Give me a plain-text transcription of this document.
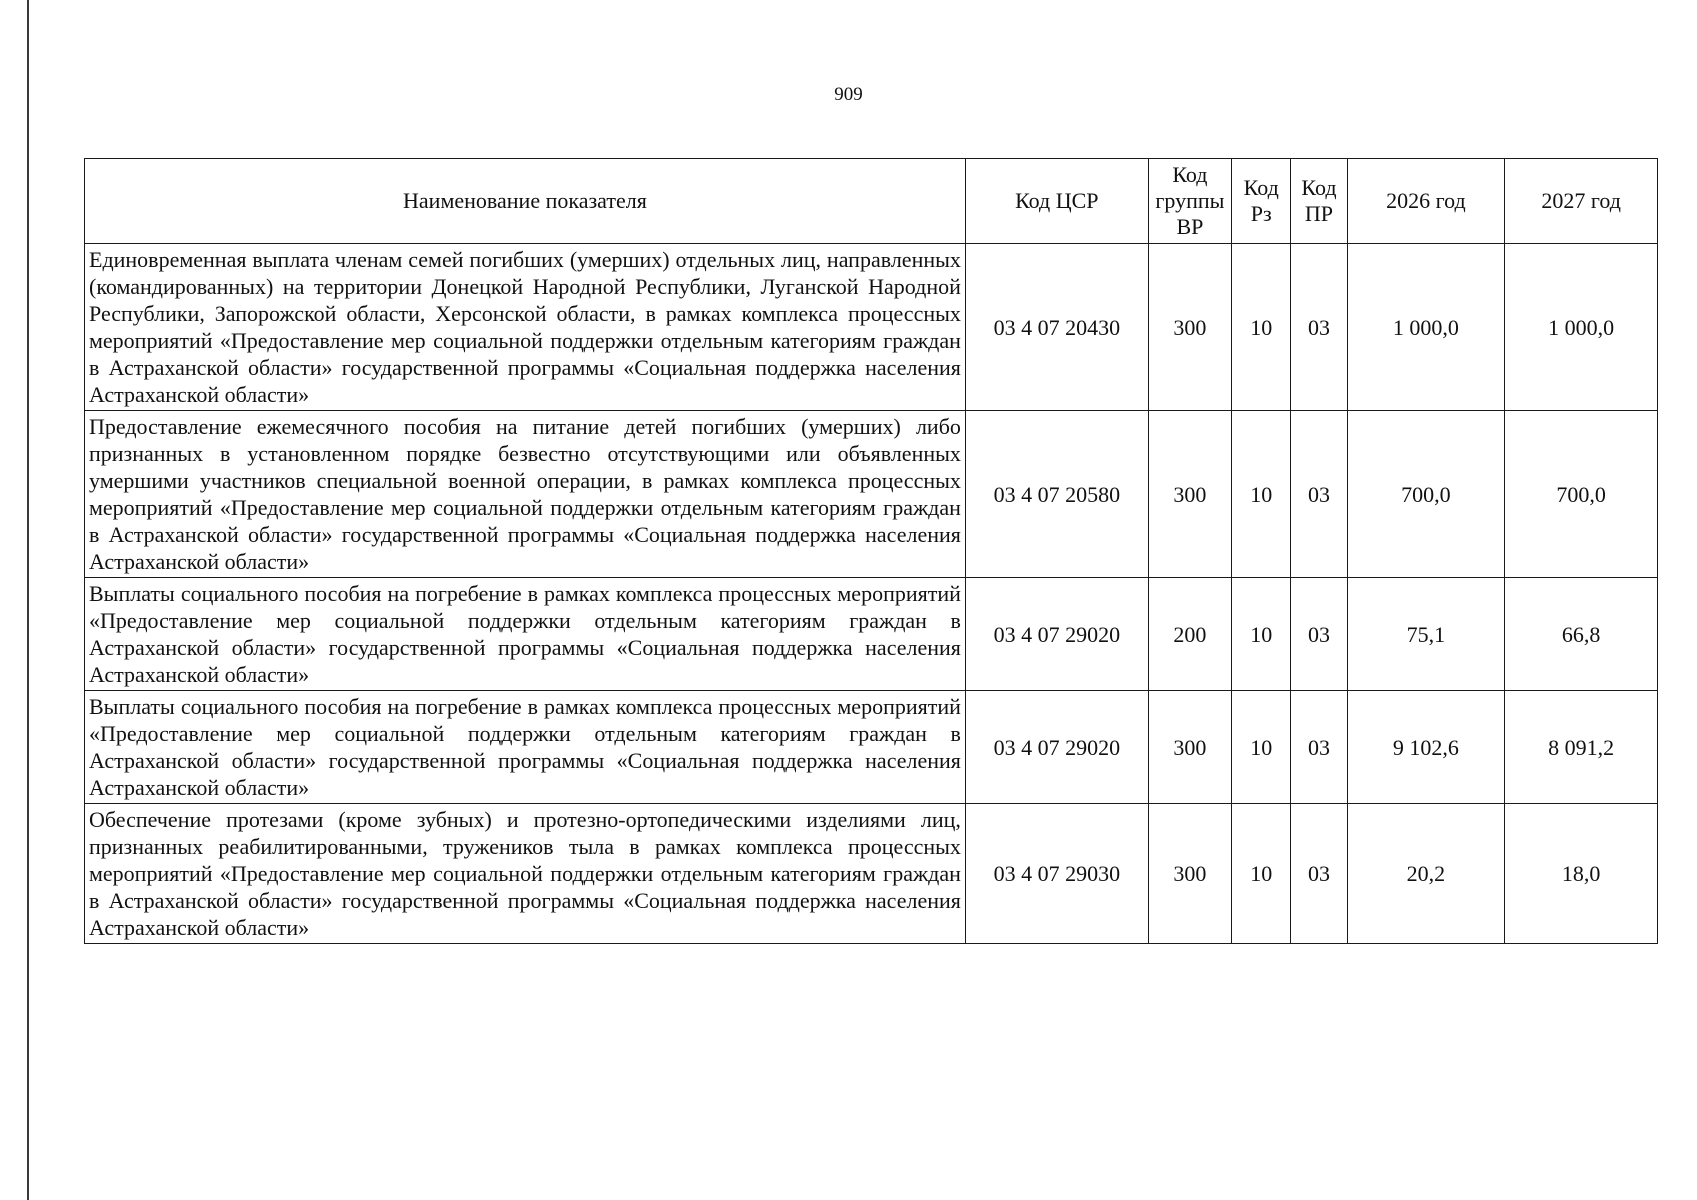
909
Наименование показателя	Код ЦСР	Код группы ВР	Код Рз	Код ПР	2026 год	2027 год
Единовременная выплата членам семей погибших (умерших) отдельных лиц, направленных (командированных) на территории Донецкой Народной Республики, Луганской Народной Республики, Запорожской области, Херсонской области, в рамках комплекса процессных мероприятий «Предоставление мер социальной поддержки отдельным категориям граждан в Астраханской области» государственной программы «Социальная поддержка населения Астраханской области»	03 4 07 20430	300	10	03	1 000,0	1 000,0
Предоставление ежемесячного пособия на питание детей погибших (умерших) либо признанных в установленном порядке безвестно отсутствующими или объявленных умершими участников специальной военной операции, в рамках комплекса процессных мероприятий «Предоставление мер социальной поддержки отдельным категориям граждан в Астраханской области» государственной программы «Социальная поддержка населения Астраханской области»	03 4 07 20580	300	10	03	700,0	700,0
Выплаты социального пособия на погребение в рамках комплекса процессных мероприятий «Предоставление мер социальной поддержки отдельным категориям граждан в Астраханской области» государственной программы «Социальная поддержка населения Астраханской области»	03 4 07 29020	200	10	03	75,1	66,8
Выплаты социального пособия на погребение в рамках комплекса процессных мероприятий «Предоставление мер социальной поддержки отдельным категориям граждан в Астраханской области» государственной программы «Социальная поддержка населения Астраханской области»	03 4 07 29020	300	10	03	9 102,6	8 091,2
Обеспечение протезами (кроме зубных) и протезно-ортопедическими изделиями лиц, признанных реабилитированными, тружеников тыла в рамках комплекса процессных мероприятий «Предоставление мер социальной поддержки отдельным категориям граждан в Астраханской области» государственной программы «Социальная поддержка населения Астраханской области»	03 4 07 29030	300	10	03	20,2	18,0
